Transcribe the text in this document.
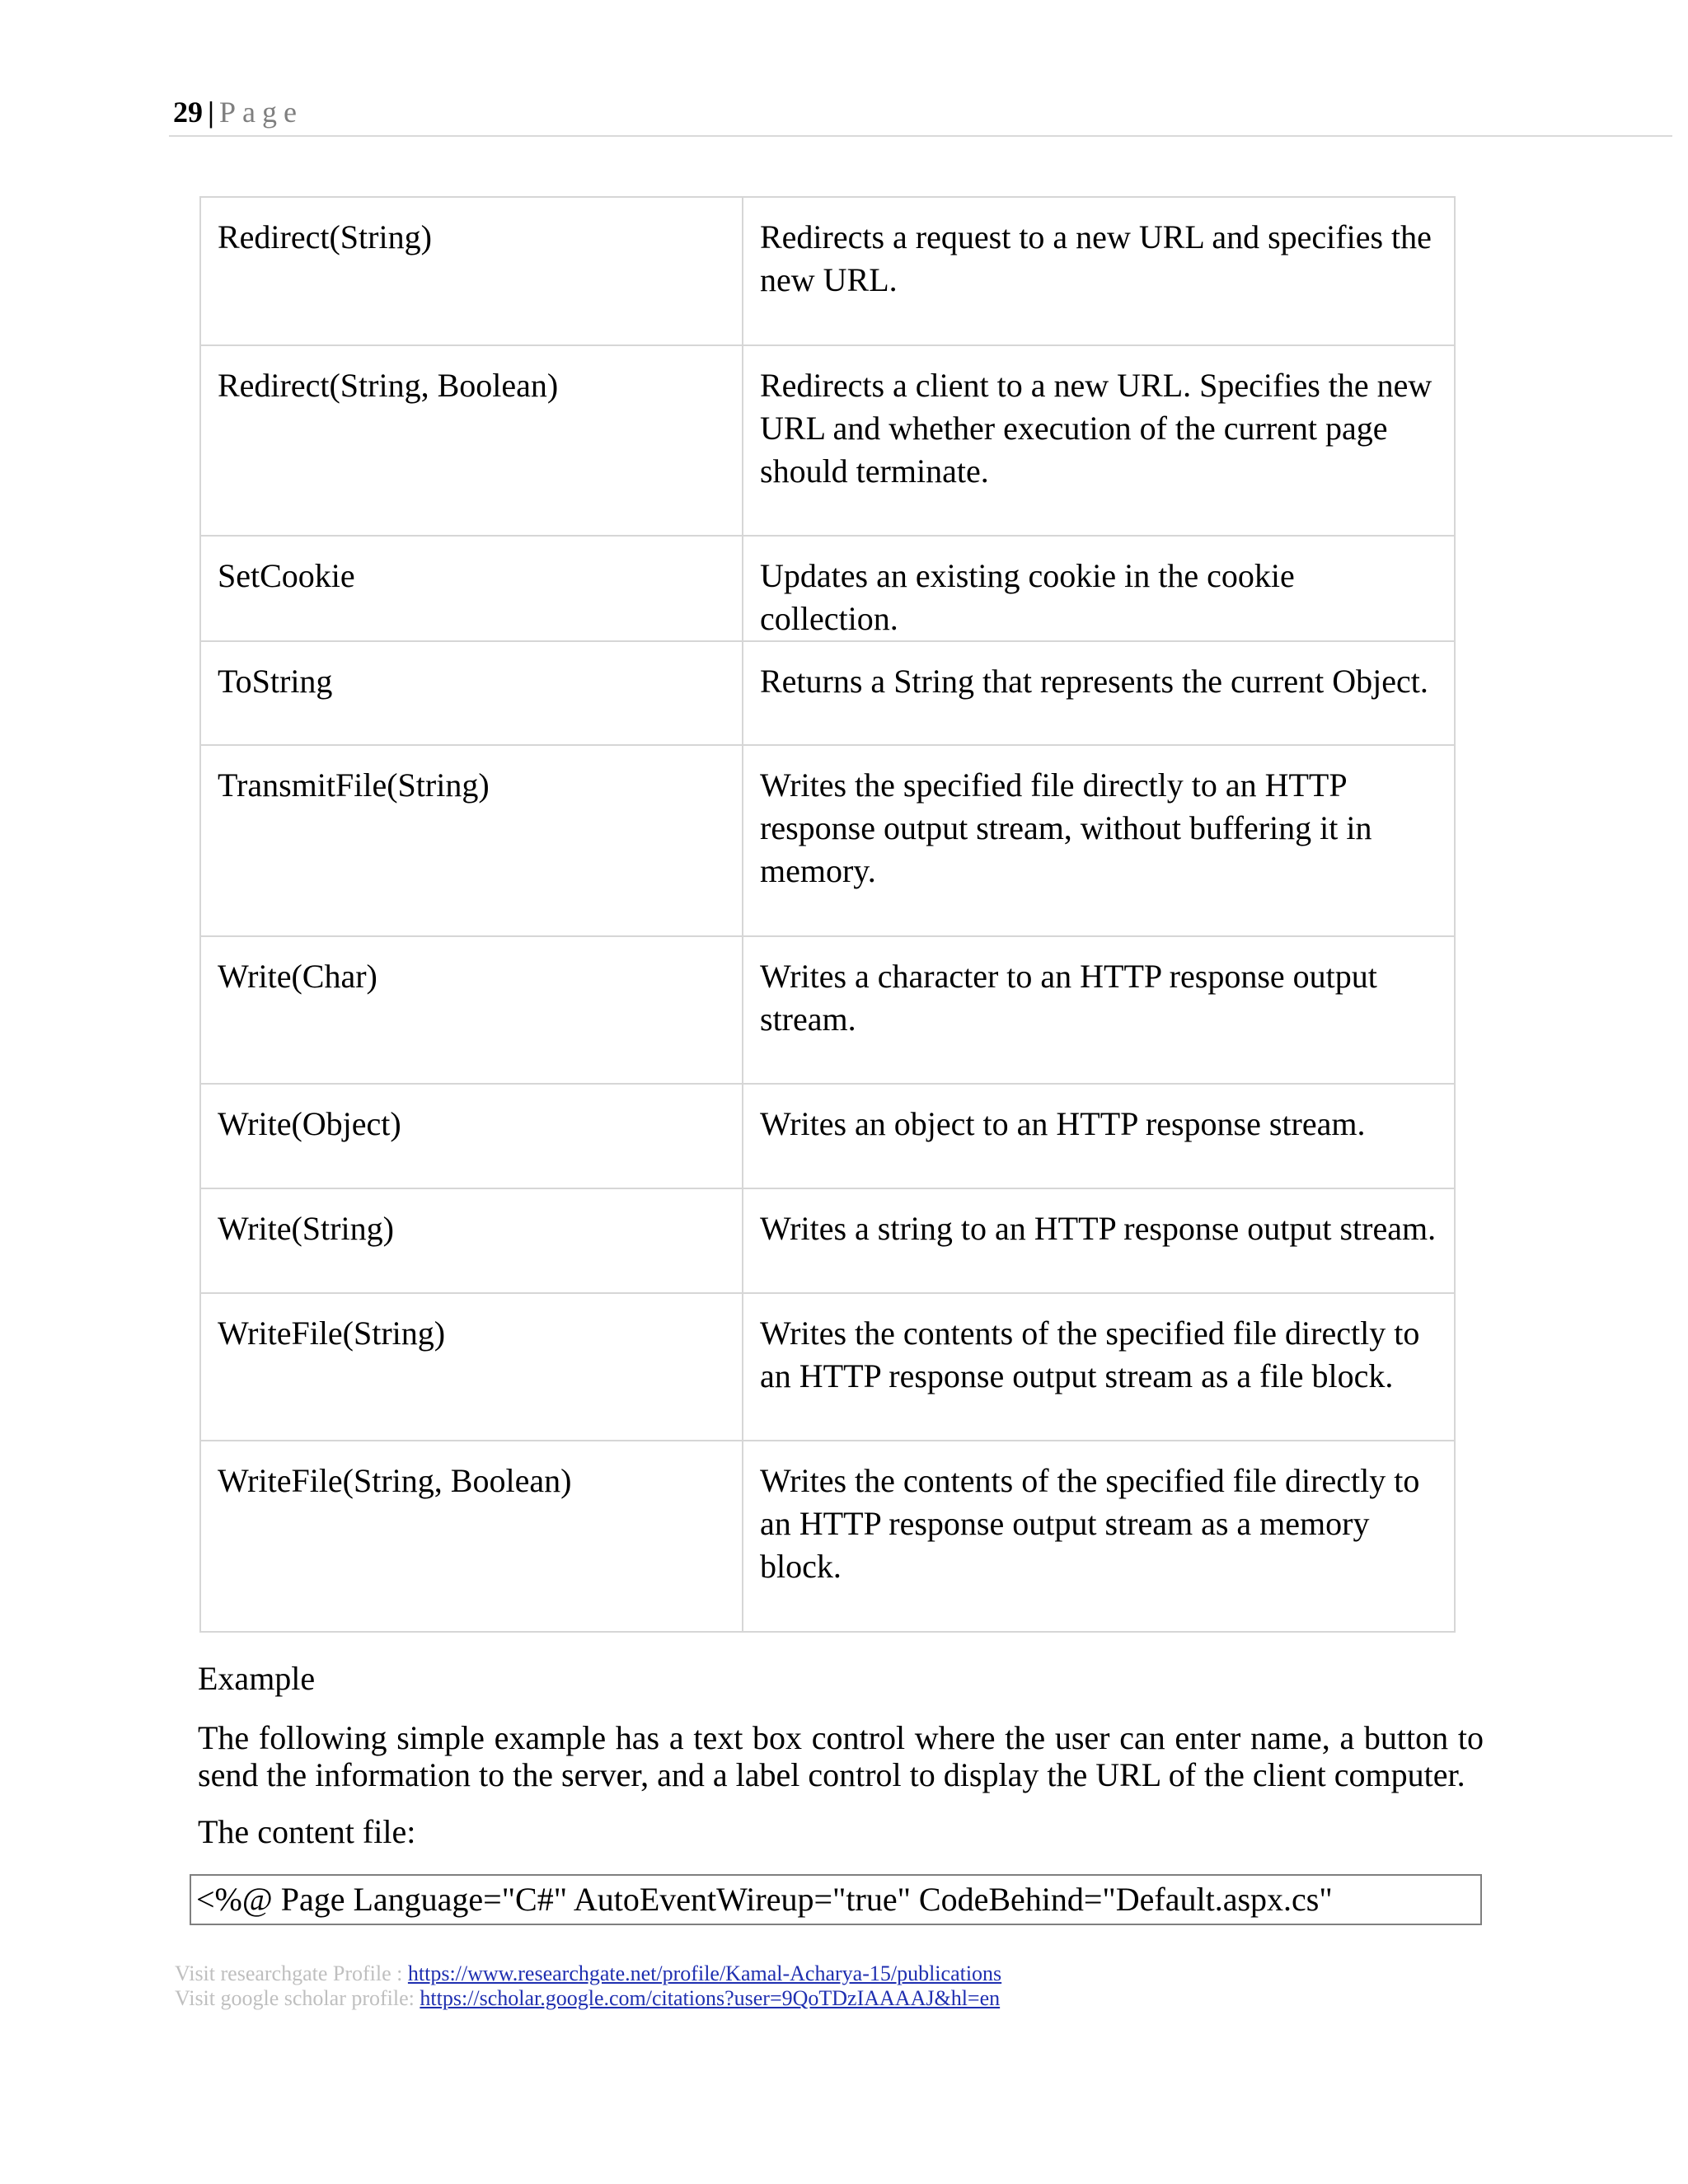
29 | Page
Redirect(String)	Redirects a request to a new URL and specifies the new URL.
Redirect(String, Boolean)	Redirects a client to a new URL. Specifies the new URL and whether execution of the current page should terminate.
SetCookie	Updates an existing cookie in the cookie collection.
ToString	Returns a String that represents the current Object.
TransmitFile(String)	Writes the specified file directly to an HTTP response output stream, without buffering it in memory.
Write(Char)	Writes a character to an HTTP response output stream.
Write(Object)	Writes an object to an HTTP response stream.
Write(String)	Writes a string to an HTTP response output stream.
WriteFile(String)	Writes the contents of the specified file directly to an HTTP response output stream as a file block.
WriteFile(String, Boolean)	Writes the contents of the specified file directly to an HTTP response output stream as a memory block.
Example
The following simple example has a text box control where the user can enter name, a button to send the information to the server, and a label control to display the URL of the client computer.
The content file:
<%@ Page Language="C#" AutoEventWireup="true" CodeBehind="Default.aspx.cs"
Visit researchgate Profile : https://www.researchgate.net/profile/Kamal-Acharya-15/publications
Visit google scholar profile: https://scholar.google.com/citations?user=9QoTDzIAAAAJ&hl=en
